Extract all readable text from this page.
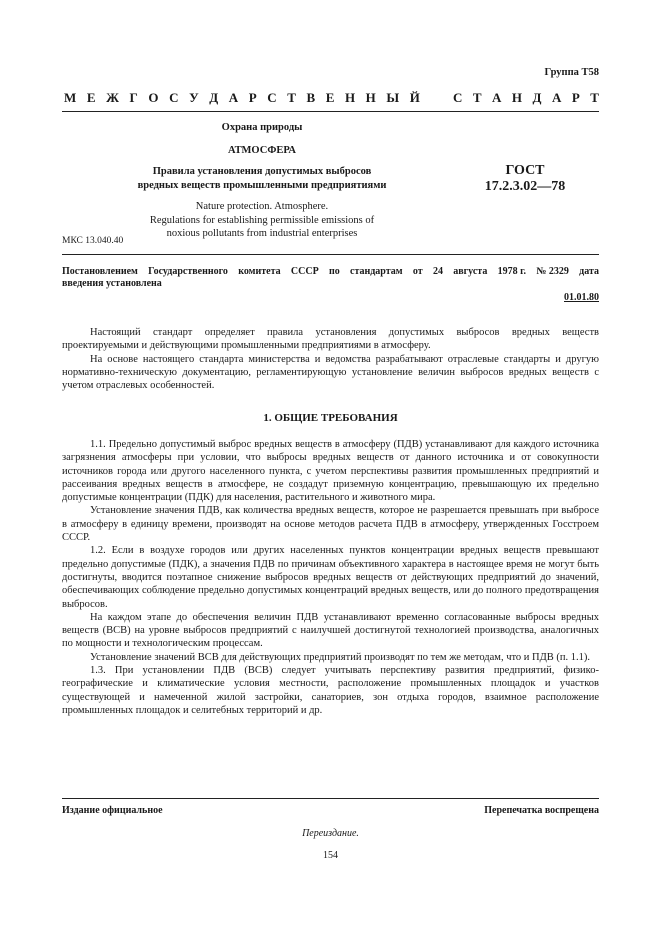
Группа Т58
М Е Ж Г О С У Д А Р С Т В Е Н Н Ы Й	С Т А Н Д А Р Т
Охрана природы
АТМОСФЕРА
Правила установления допустимых выбросов
вредных веществ промышленными предприятиями
ГОСТ
17.2.3.02—78
Nature protection. Atmosphere.
Regulations for establishing permissible emissions of
noxious pollutants from industrial enterprises
МКС 13.040.40
Постановлением Государственного комитета СССР по стандартам от 24 августа 1978 г. № 2329 дата
введения установлена
01.01.80

Настоящий стандарт определяет правила установления допустимых выбросов вредных веществ проектируемыми и действующими промышленными предприятиями в атмосферу.

На основе настоящего стандарта министерства и ведомства разрабатывают отраслевые стандарты и другую нормативно-техническую документацию, регламентирующую установление величин выбросов вредных веществ с учетом отраслевых особенностей.

1. ОБЩИЕ ТРЕБОВАНИЯ

1.1. Предельно допустимый выброс вредных веществ в атмосферу (ПДВ) устанавливают для каждого источника загрязнения атмосферы при условии, что выбросы вредных веществ от данного источника и от совокупности источников города или другого населенного пункта, с учетом перспективы развития промышленных предприятий и рассеивания вредных веществ в атмосфере, не создадут приземную концентрацию, превышающую их предельно допустимые концентрации (ПДК) для населения, растительного и животного мира.

Установление значения ПДВ, как количества вредных веществ, которое не разрешается превышать при выбросе в атмосферу в единицу времени, производят на основе методов расчета ПДВ в атмосферу, утвержденных Госстроем СССР.

1.2. Если в воздухе городов или других населенных пунктов концентрации вредных веществ превышают предельно допустимые (ПДК), а значения ПДВ по причинам объективного характера в настоящее время не могут быть достигнуты, вводится поэтапное снижение выбросов вредных веществ от действующих предприятий до значений, обеспечивающих соблюдение предельно допустимых концентраций вредных веществ, или до полного предотвращения выбросов.

На каждом этапе до обеспечения величин ПДВ устанавливают временно согласованные выбросы вредных веществ (ВСВ) на уровне выбросов предприятий с наилучшей достигнутой технологией производства, аналогичных по мощности и технологическим процессам.

Установление значений ВСВ для действующих предприятий производят по тем же методам, что и ПДВ (п. 1.1).

1.3. При установлении ПДВ (ВСВ) следует учитывать перспективу развития предприятий, физико-географические и климатические условия местности, расположение промышленных площадок и участков существующей и намеченной жилой застройки, санаториев, зон отдыха городов, взаимное расположение промышленных площадок и селитебных территорий и др.

Издание официальное	Перепечатка воспрещена
Переиздание.
154
